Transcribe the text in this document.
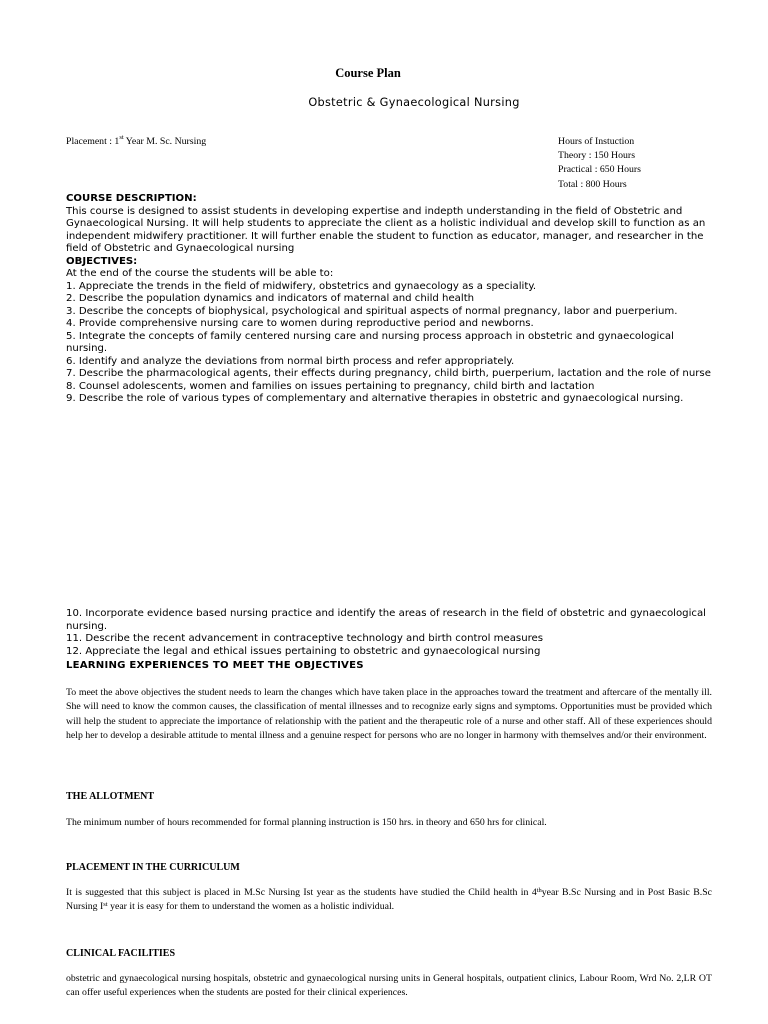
Course Plan
Obstetric & Gynaecological Nursing
Placement : 1st Year M. Sc. Nursing	Hours of Instuction
Theory : 150 Hours
Practical : 650 Hours
Total : 800 Hours
COURSE DESCRIPTION:
This course is designed to assist students in developing expertise and indepth understanding in the field of Obstetric and Gynaecological Nursing. It will help students to appreciate the client as a holistic individual and develop skill to function as an independent midwifery practitioner. It will further enable the student to function as educator, manager, and researcher in the field of Obstetric and Gynaecological nursing
OBJECTIVES:
At the end of the course the students will be able to:
1. Appreciate the trends in the field of midwifery, obstetrics and gynaecology as a speciality.
2. Describe the population dynamics and indicators of maternal and child health
3. Describe the concepts of biophysical, psychological and spiritual aspects of normal pregnancy, labor and puerperium.
4. Provide comprehensive nursing care to women during reproductive period and newborns.
5. Integrate the concepts of family centered nursing care and nursing process approach in obstetric and gynaecological nursing.
6. Identify and analyze the deviations from normal birth process and refer appropriately.
7. Describe the pharmacological agents, their effects during pregnancy, child birth, puerperium, lactation and the role of nurse
8. Counsel adolescents, women and families on issues pertaining to pregnancy, child birth and lactation
9. Describe the role of various types of complementary and alternative therapies in obstetric and gynaecological nursing.
10. Incorporate evidence based nursing practice and identify the areas of research in the field of obstetric and gynaecological nursing.
11. Describe the recent advancement in contraceptive technology and birth control measures
12. Appreciate the legal and ethical issues pertaining to obstetric and gynaecological nursing
LEARNING EXPERIENCES TO MEET THE OBJECTIVES
To meet the above objectives the student needs to learn the changes which have taken place in the approaches toward the treatment and aftercare of the mentally ill. She will need to know the common causes, the classification of mental illnesses and to recognize early signs and symptoms. Opportunities must be provided which will help the student to appreciate the importance of relationship with the patient and the therapeutic role of a nurse and other staff. All of these experiences should help her to develop a desirable attitude to mental illness and a genuine respect for persons who are no longer in harmony with themselves and/or their environment.
THE ALLOTMENT
The minimum number of hours recommended for formal planning instruction is 150 hrs. in theory and 650 hrs for clinical.
PLACEMENT IN THE CURRICULUM
It is suggested that this subject is placed in M.Sc Nursing Ist year as the students have studied the Child health in 4thyear B.Sc Nursing and in Post Basic B.Sc Nursing Ist year it is easy for them to understand the women as a holistic individual.
CLINICAL FACILITIES
obstetric and gynaecological nursing hospitals, obstetric and gynaecological nursing units in General hospitals, outpatient clinics, Labour Room, Wrd No. 2,LR OT can offer useful experiences when the students are posted for their clinical experiences.
